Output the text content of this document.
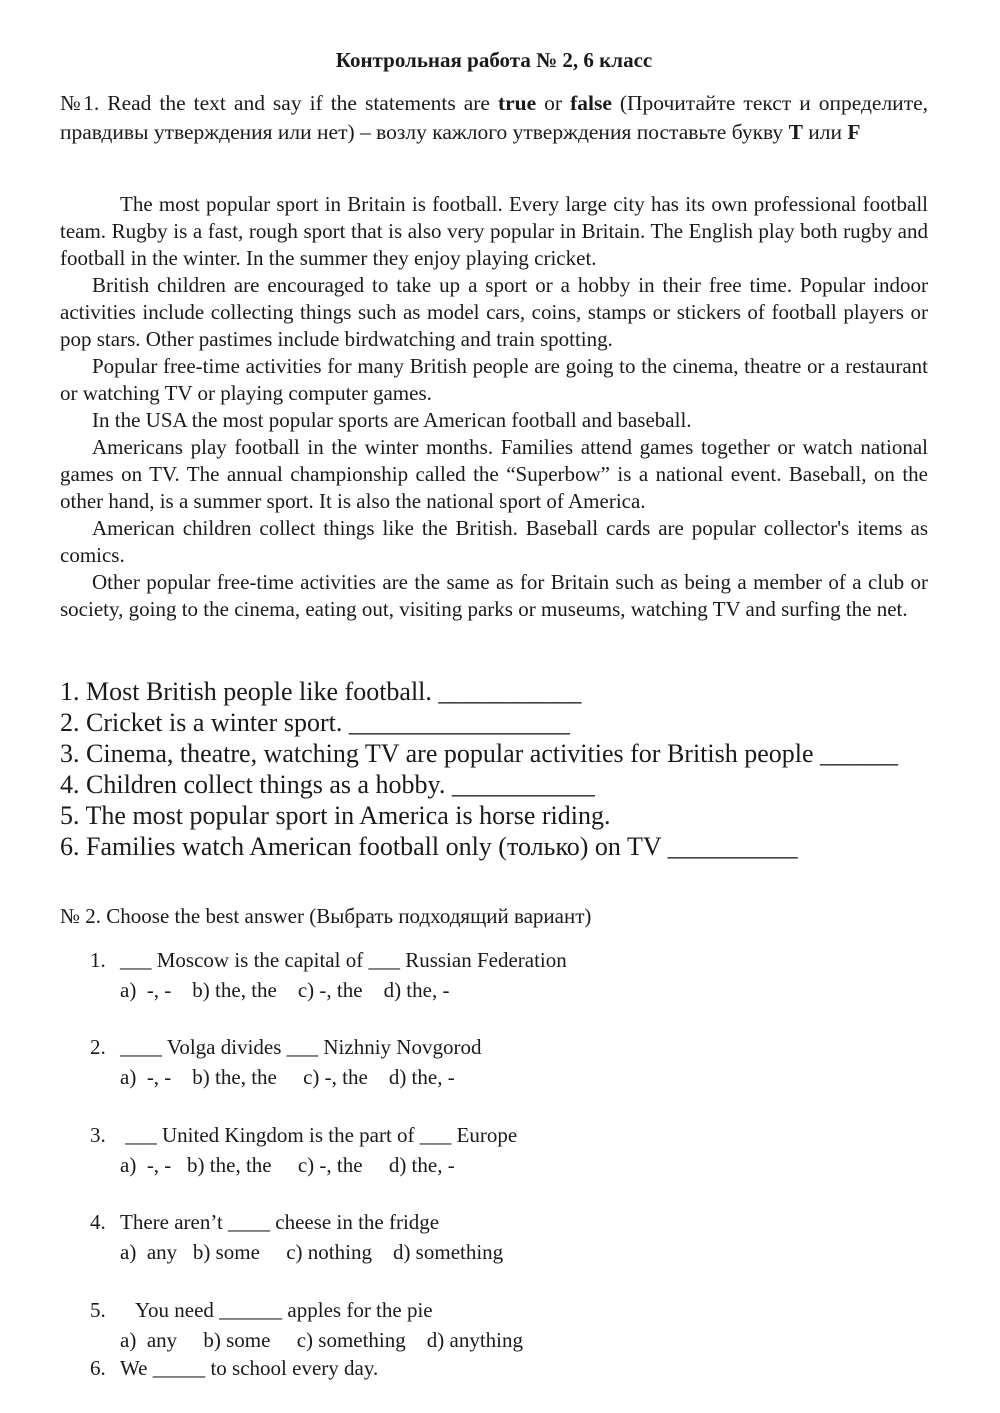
Контрольная работа № 2, 6 класс
№1. Read the text and say if the statements are true or false (Прочитайте текст и определите, правдивы утверждения или нет) – возлу кажлого утверждения поставьте букву T или F

The most popular sport in Britain is football. Every large city has its own professional football team. Rugby is a fast, rough sport that is also very popular in Britain. The English play both rugby and football in the winter. In the summer they enjoy playing cricket.

British children are encouraged to take up a sport or a hobby in their free time. Popular indoor activities include collecting things such as model cars, coins, stamps or stickers of football players or pop stars. Other pastimes include birdwatching and train spotting.

Popular free-time activities for many British people are going to the cinema, theatre or a restaurant or watching TV or playing computer games.

In the USA the most popular sports are American football and baseball.

Americans play football in the winter months. Families attend games together or watch national games on TV. The annual championship called the “Superbow” is a national event. Baseball, on the other hand, is a summer sport. It is also the national sport of America.

American children collect things like the British. Baseball cards are popular collector's items as comics.

Other popular free-time activities are the same as for Britain such as being a member of a club or society, going to the cinema, eating out, visiting parks or museums, watching TV and surfing the net.

1. Most British people like football. ___________
2. Cricket is a winter sport. _________________
3. Cinema, theatre, watching TV are popular activities for British people ______
4. Children collect things as a hobby. ___________
5. The most popular sport in America is horse riding.
6. Families watch American football only (только) on TV __________
№ 2. Choose the best answer (Выбрать подходящий вариант)
1. ___ Moscow is the capital of ___ Russian Federation
a)  -, -    b) the, the    c) -, the    d) the, -
2. ____ Volga divides ___ Nizhniy Novgorod
a)  -, -    b) the, the     c) -, the    d) the, -
3. ___ United Kingdom is the part of ___ Europe
a)  -, -   b) the, the     c) -, the     d) the, -
4. There aren’t ____ cheese in the fridge
a)  any   b) some     c) nothing    d) something
5.   You need ______ apples for the pie
a)  any     b) some     c) something    d) anything
6. We _____ to school every day.
